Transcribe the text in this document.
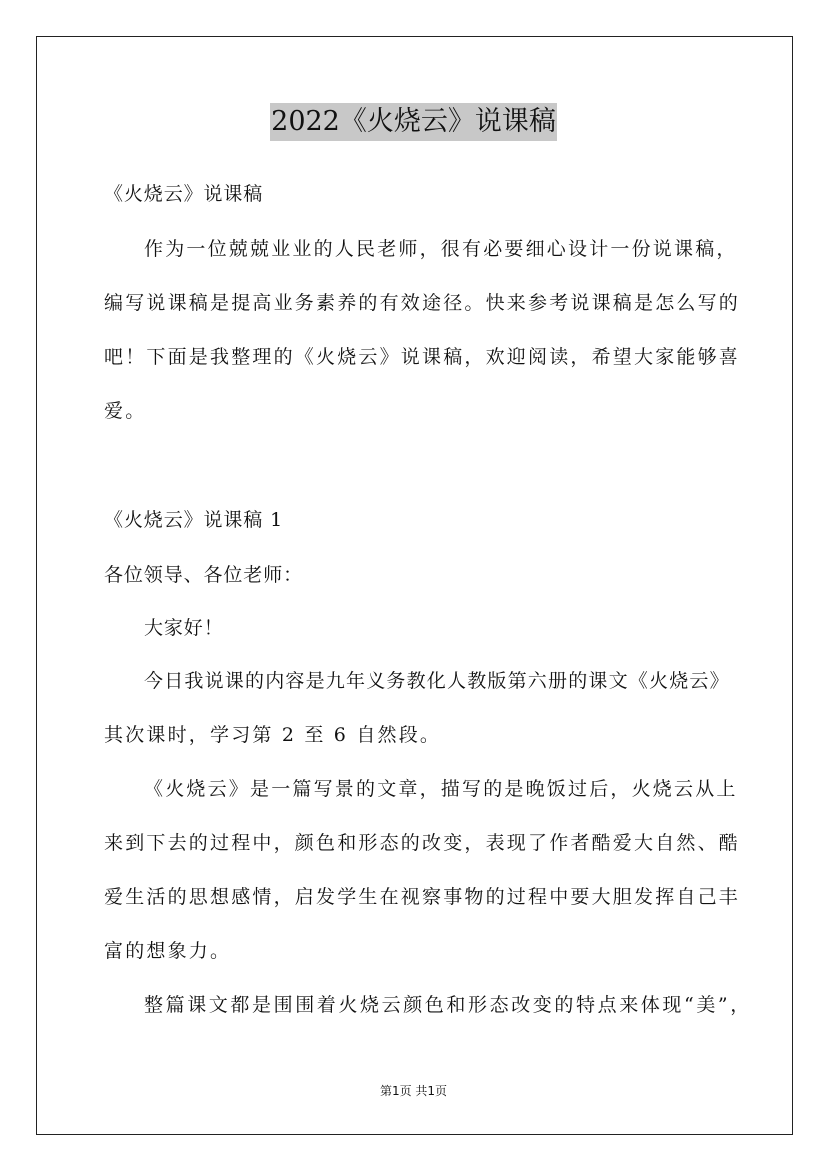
2022《火烧云》说课稿
《火烧云》说课稿
作为一位兢兢业业的人民老师，很有必要细心设计一份说课稿，
编写说课稿是提高业务素养的有效途径。快来参考说课稿是怎么写的
吧！下面是我整理的《火烧云》说课稿，欢迎阅读，希望大家能够喜
爱。
《火烧云》说课稿 1
各位领导、各位老师：
大家好！
今日我说课的内容是九年义务教化人教版第六册的课文《火烧云》
其次课时，学习第 2 至 6 自然段。
《火烧云》是一篇写景的文章，描写的是晚饭过后，火烧云从上
来到下去的过程中，颜色和形态的改变，表现了作者酷爱大自然、酷
爱生活的思想感情，启发学生在视察事物的过程中要大胆发挥自己丰
富的想象力。
整篇课文都是围围着火烧云颜色和形态改变的特点来体现“美”，
第1页 共1页
